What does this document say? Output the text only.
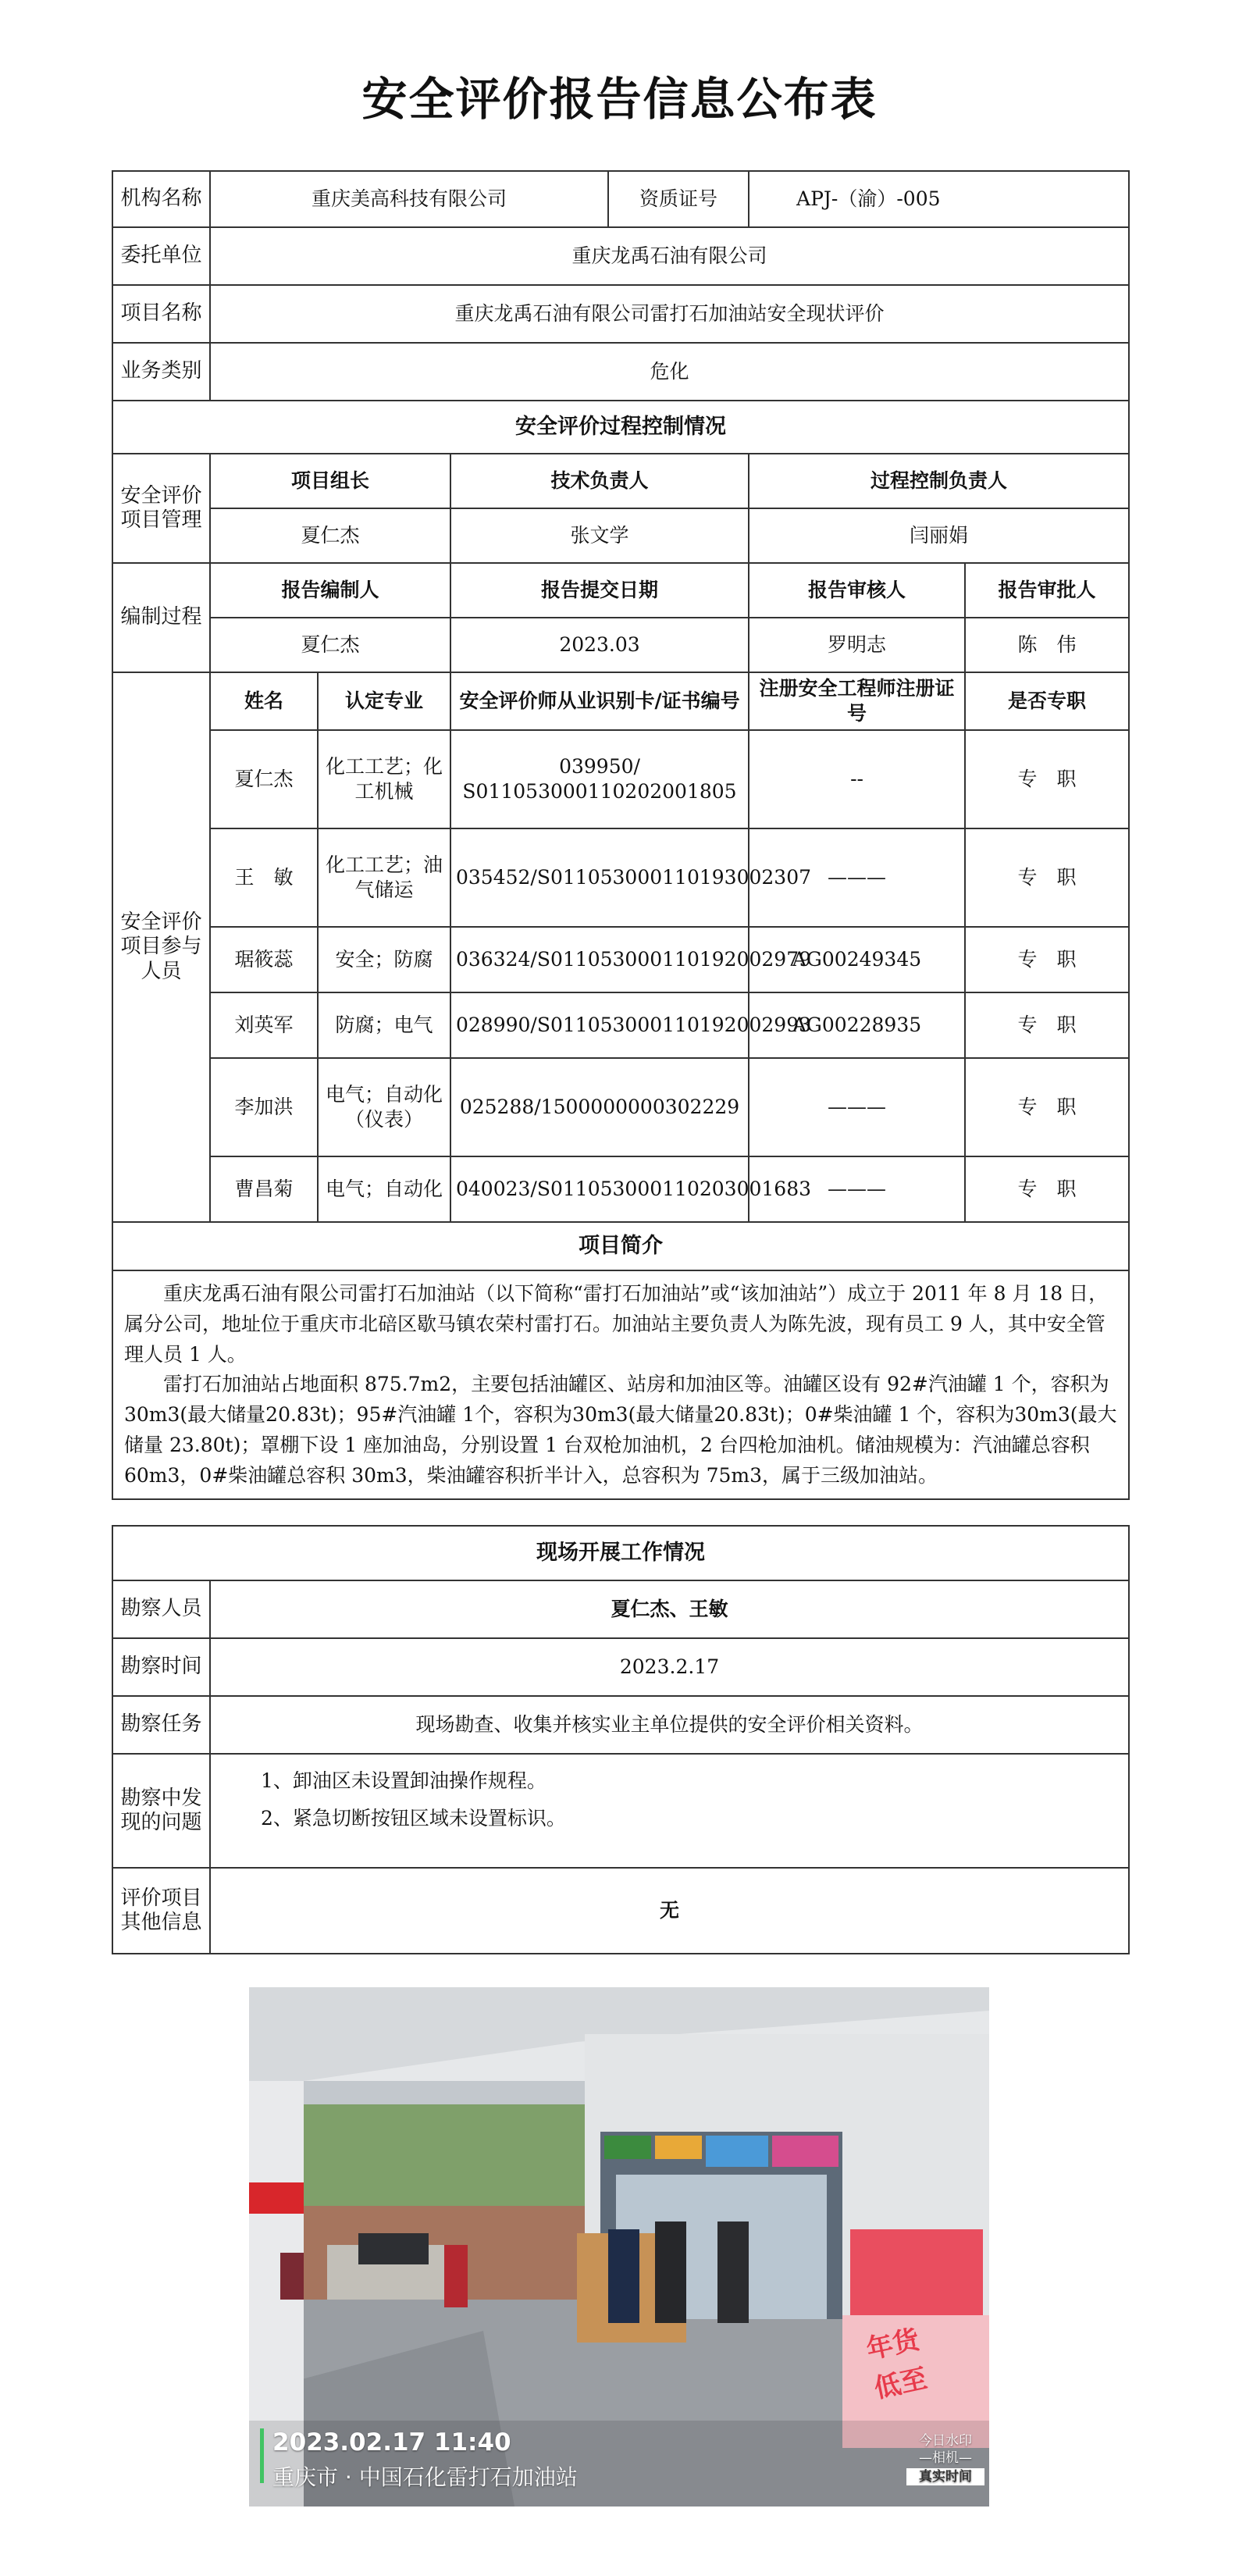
安全评价报告信息公布表
机构名称	重庆美高科技有限公司			资质证号	APJ-（渝）-005	
委托单位	重庆龙禹石油有限公司					
项目名称	重庆龙禹石油有限公司雷打石加油站安全现状评价					
业务类别	危化					
安全评价过程控制情况						
安全评价项目管理	项目组长		技术负责人		过程控制负责人	
	夏仁杰		张文学		闫丽娟	
编制过程	报告编制人		报告提交日期		报告审核人	报告审批人
	夏仁杰		2023.03		罗明志	陈　伟
安全评价项目参与人员	姓名	认定专业	安全评价师从业识别卡/证书编号		注册安全工程师注册证号	是否专职
	夏仁杰	化工工艺；化工机械	039950/ S011053000110202001805		--	专　职
	王　敏	化工工艺；油气储运	035452/S011053000110193002307		———	专　职
	琚筱蕊	安全；防腐	036324/S011053000110192002979		AG00249345	专　职
	刘英军	防腐；电气	028990/S011053000110192002993		AG00228935	专　职
	李加洪	电气；自动化（仪表）	025288/1500000000302229		———	专　职
	曹昌菊	电气；自动化	040023/S011053000110203001683		———	专　职
项目简介						

重庆龙禹石油有限公司雷打石加油站（以下简称“雷打石加油站”或“该加油站”）成立于 2011 年 8 月 18 日，属分公司，地址位于重庆市北碚区歇马镇农荣村雷打石。加油站主要负责人为陈先波，现有员工 9 人，其中安全管理人员 1 人。

雷打石加油站占地面积 875.7m2，主要包括油罐区、站房和加油区等。油罐区设有 92#汽油罐 1 个，容积为30m3(最大储量20.83t)；95#汽油罐 1个，容积为30m3(最大储量20.83t)；0#柴油罐 1 个，容积为30m3(最大储量 23.80t)；罩棚下设 1 座加油岛，分别设置 1 台双枪加油机，2 台四枪加油机。储油规模为：汽油罐总容积 60m3，0#柴油罐总容积 30m3，柴油罐容积折半计入，总容积为 75m3，属于三级加油站。						

现场开展工作情况	
勘察人员	夏仁杰、王敏
勘察时间	2023.2.17
勘察任务	现场勘查、收集并核实业主单位提供的安全评价相关资料。
勘察中发现的问题	1、卸油区未设置卸油操作规程。

2、紧急切断按钮区域未设置标识。

评价项目其他信息	无
2023.02.17 11:40
重庆市 · 中国石化雷打石加油站
今日水印
—相机—
真实时间
年货
低至
